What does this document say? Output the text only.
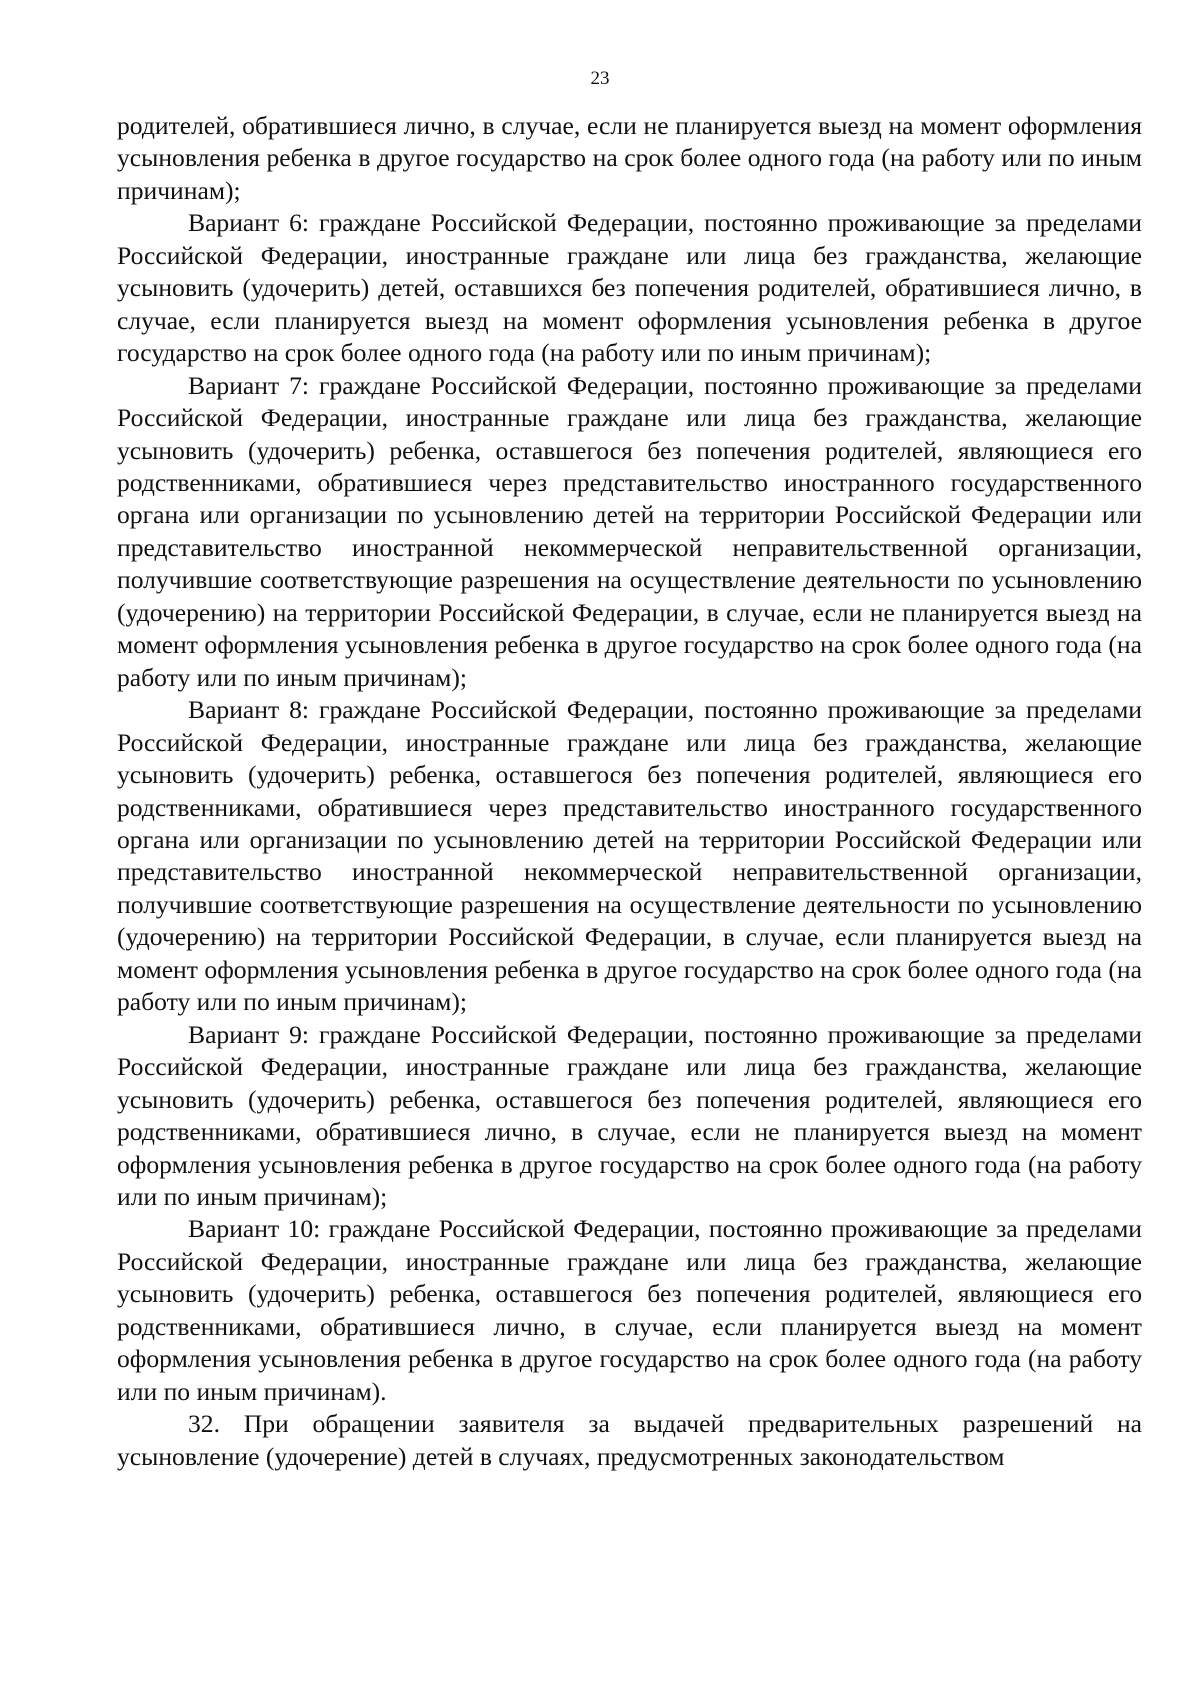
23

родителей, обратившиеся лично, в случае, если не планируется выезд на момент оформления усыновления ребенка в другое государство на срок более одного года (на работу или по иным причинам);

Вариант 6: граждане Российской Федерации, постоянно проживающие за пределами Российской Федерации, иностранные граждане или лица без гражданства, желающие усыновить (удочерить) детей, оставшихся без попечения родителей, обратившиеся лично, в случае, если планируется выезд на момент оформления усыновления ребенка в другое государство на срок более одного года (на работу или по иным причинам);

Вариант 7: граждане Российской Федерации, постоянно проживающие за пределами Российской Федерации, иностранные граждане или лица без гражданства, желающие усыновить (удочерить) ребенка, оставшегося без попечения родителей, являющиеся его родственниками, обратившиеся через представительство иностранного государственного органа или организации по усыновлению детей на территории Российской Федерации или представительство иностранной некоммерческой неправительственной организации, получившие соответствующие разрешения на осуществление деятельности по усыновлению (удочерению) на территории Российской Федерации, в случае, если не планируется выезд на момент оформления усыновления ребенка в другое государство на срок более одного года (на работу или по иным причинам);

Вариант 8: граждане Российской Федерации, постоянно проживающие за пределами Российской Федерации, иностранные граждане или лица без гражданства, желающие усыновить (удочерить) ребенка, оставшегося без попечения родителей, являющиеся его родственниками, обратившиеся через представительство иностранного государственного органа или организации по усыновлению детей на территории Российской Федерации или представительство иностранной некоммерческой неправительственной организации, получившие соответствующие разрешения на осуществление деятельности по усыновлению (удочерению) на территории Российской Федерации, в случае, если планируется выезд на момент оформления усыновления ребенка в другое государство на срок более одного года (на работу или по иным причинам);

Вариант 9: граждане Российской Федерации, постоянно проживающие за пределами Российской Федерации, иностранные граждане или лица без гражданства, желающие усыновить (удочерить) ребенка, оставшегося без попечения родителей, являющиеся его родственниками, обратившиеся лично, в случае, если не планируется выезд на момент оформления усыновления ребенка в другое государство на срок более одного года (на работу или по иным причинам);

Вариант 10: граждане Российской Федерации, постоянно проживающие за пределами Российской Федерации, иностранные граждане или лица без гражданства, желающие усыновить (удочерить) ребенка, оставшегося без попечения родителей, являющиеся его родственниками, обратившиеся лично, в случае, если планируется выезд на момент оформления усыновления ребенка в другое государство на срок более одного года (на работу или по иным причинам).

32. При обращении заявителя за выдачей предварительных разрешений на усыновление (удочерение) детей в случаях, предусмотренных законодательством
